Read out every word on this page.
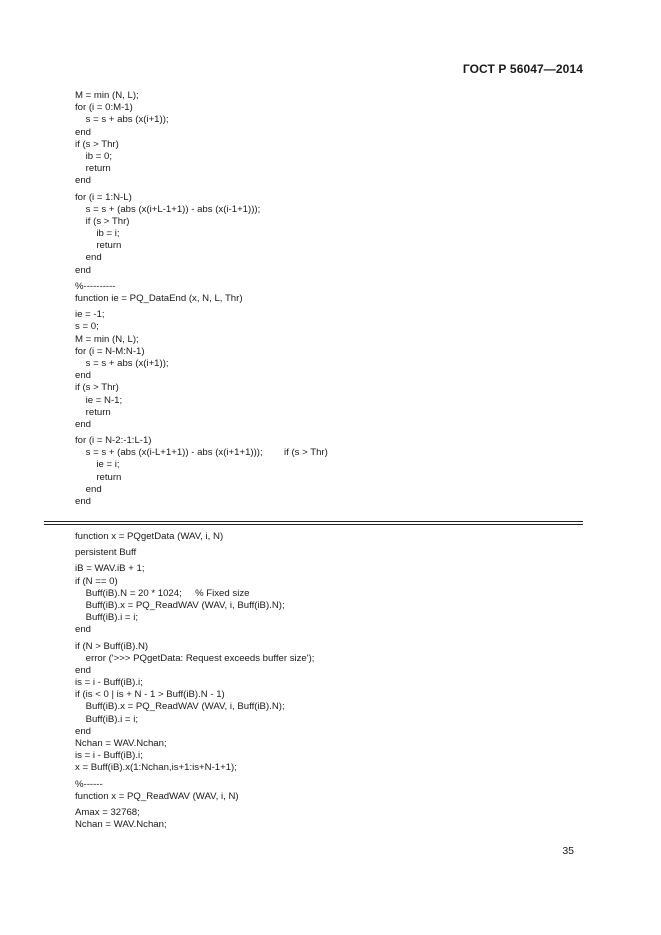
ГОСТ Р 56047—2014
M = min (N, L);
for (i = 0:M-1)
s = s + abs (x(i+1));
end
if (s > Thr)
ib = 0;
return
end
for (i = 1:N-L)
s = s + (abs (x(i+L-1+1)) - abs (x(i-1+1)));
if (s > Thr)
ib = i;
return
end
end
%----------
function ie = PQ_DataEnd (x, N, L, Thr)
ie = -1;
s = 0;
M = min (N, L);
for (i = N-M:N-1)
s = s + abs (x(i+1));
end
if (s > Thr)
ie = N-1;
return
end
for (i = N-2:-1:L-1)
s = s + (abs (x(i-L+1+1)) - abs (x(i+1+1)));        if (s > Thr)
ie = i;
return
end
end
function x = PQgetData (WAV, i, N)
persistent Buff
iB = WAV.iB + 1;
if (N == 0)
Buff(iB).N = 20 * 1024;     % Fixed size
Buff(iB).x = PQ_ReadWAV (WAV, i, Buff(iB).N);
Buff(iB).i = i;
end
if (N > Buff(iB).N)
error ('>>> PQgetData: Request exceeds buffer size');
end
is = i - Buff(iB).i;
if (is < 0 | is + N - 1 > Buff(iB).N - 1)
Buff(iB).x = PQ_ReadWAV (WAV, i, Buff(iB).N);
Buff(iB).i = i;
end
Nchan = WAV.Nchan;
is = i - Buff(iB).i;
x = Buff(iB).x(1:Nchan,is+1:is+N-1+1);
%------
function x = PQ_ReadWAV (WAV, i, N)
Amax = 32768;
Nchan = WAV.Nchan;
35
